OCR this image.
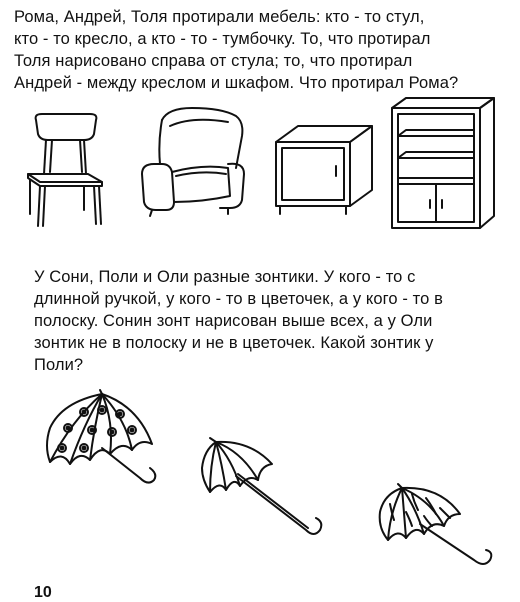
Рома, Андрей, Толя протирали мебель: кто - то стул,
кто - то кресло, а кто - то - тумбочку. То, что протирал
Толя нарисовано справа от стула; то, что протирал
Андрей - между креслом и шкафом. Что протирал Рома?
У Сони, Поли и Оли разные зонтики. У кого - то с
длинной ручкой, у кого - то в цветочек, а у кого - то в
полоску. Сонин зонт нарисован выше всех, а у Оли
зонтик не в полоску и не в цветочек. Какой зонтик у
Поли?
10
